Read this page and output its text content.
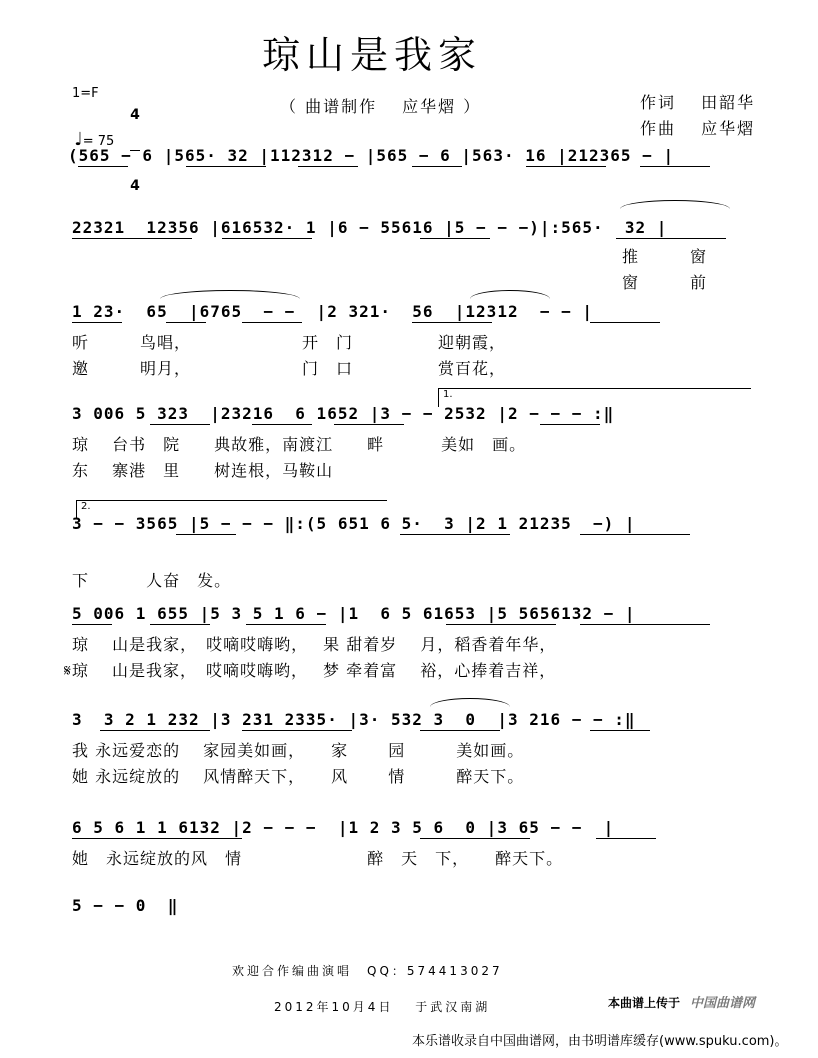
琼山是我家
1=F

4

4

♩= 75

（ 曲谱制作　 应华熠 ）	作词　 田韶华
作曲　 应华熠
(565 − 6 |565· 32 |112312 − |565 − 6 |563· 16 |212365 − |
22321  12356 |616532· 1 |6 − 55616 |5 − − −)|:565·  32 |
推　　　窗
窗　　　前
1 23·  65  |6765  − −  |2 321·  56  |12312  − − |
听　　　鸟唱，　　　　　　　开　门　　　　　迎朝霞，
邀　　　明月，　　　　　　　门　口　　　　　赏百花，
1.
3 006 5 323  |23216  6 1652 |3 − − 2532 |2 − − − :‖
琼　 台书　院　　典故雅，南渡江　　畔　　　 美如　画。
东　 寨港　里　　树连根，马鞍山
2.
3 − − 3565 |5 − − − ‖:(5 651 6 5·  3 |2 1 21235  −) |
下　　　 人奋　发。
5 006 1 655 |5 3 5 1 6 − |1  6 5 61653 |5 5656132 − |
琼　 山是我家，　哎嘀哎嗨哟，　 果 甜着岁　 月，稻香着年华，
𝄋琼　 山是我家，　哎嘀哎嗨哟，　 梦 牵着富　 裕，心捧着吉祥，
3  3 2 1 232 |3 231 2335· |3· 532 3  0  |3 216 − − :‖
我 永远爱恋的　 家园美如画，　　家　　 园　　　美如画。
她 永远绽放的　 风情醉天下，　　风　　 情　　　醉天下。
6 5 6 1 1 6132 |2 − − −  |1 2 3 5 6  0 |3 65 − −  |
她　永远绽放的风　情　　　　　　　 醉　天　下，　　醉天下。
5 − − 0  ‖
欢迎合作编曲演唱　QQ：574413027
2012年10月4日　 于武汉南湖	本曲谱上传于 中国曲谱网
本乐谱收录自中国曲谱网，由书明谱库缓存(www.spuku.com)。
